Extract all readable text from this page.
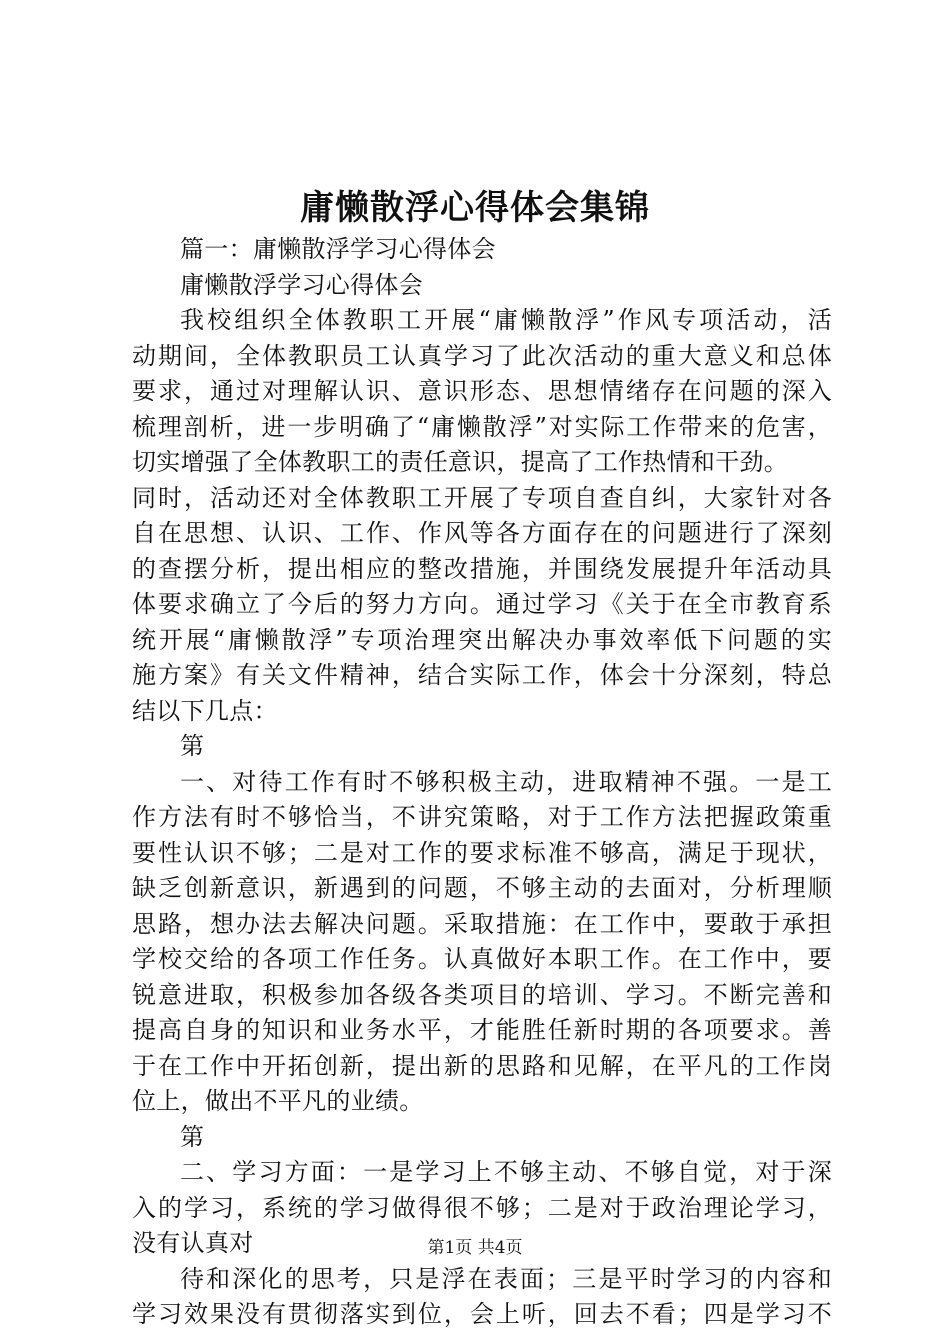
庸懒散浮心得体会集锦
篇一：庸懒散浮学习心得体会
庸懒散浮学习心得体会
我校组织全体教职工开展“庸懒散浮”作风专项活动，活
动期间，全体教职员工认真学习了此次活动的重大意义和总体
要求，通过对理解认识、意识形态、思想情绪存在问题的深入
梳理剖析，进一步明确了“庸懒散浮”对实际工作带来的危害，
切实增强了全体教职工的责任意识，提高了工作热情和干劲。
同时，活动还对全体教职工开展了专项自查自纠，大家针对各
自在思想、认识、工作、作风等各方面存在的问题进行了深刻
的查摆分析，提出相应的整改措施，并围绕发展提升年活动具
体要求确立了今后的努力方向。通过学习《关于在全市教育系
统开展“庸懒散浮”专项治理突出解决办事效率低下问题的实
施方案》有关文件精神，结合实际工作，体会十分深刻，特总
结以下几点：
第
一、对待工作有时不够积极主动，进取精神不强。一是工
作方法有时不够恰当，不讲究策略，对于工作方法把握政策重
要性认识不够；二是对工作的要求标准不够高，满足于现状，
缺乏创新意识，新遇到的问题，不够主动的去面对，分析理顺
思路，想办法去解决问题。采取措施：在工作中，要敢于承担
学校交给的各项工作任务。认真做好本职工作。在工作中，要
锐意进取，积极参加各级各类项目的培训、学习。不断完善和
提高自身的知识和业务水平，才能胜任新时期的各项要求。善
于在工作中开拓创新，提出新的思路和见解，在平凡的工作岗
位上，做出不平凡的业绩。
第
二、学习方面：一是学习上不够主动、不够自觉，对于深
入的学习，系统的学习做得很不够；二是对于政治理论学习，
没有认真对
待和深化的思考，只是浮在表面；三是平时学习的内容和
学习效果没有贯彻落实到位，会上听，回去不看；四是学习不
第1页 共4页
